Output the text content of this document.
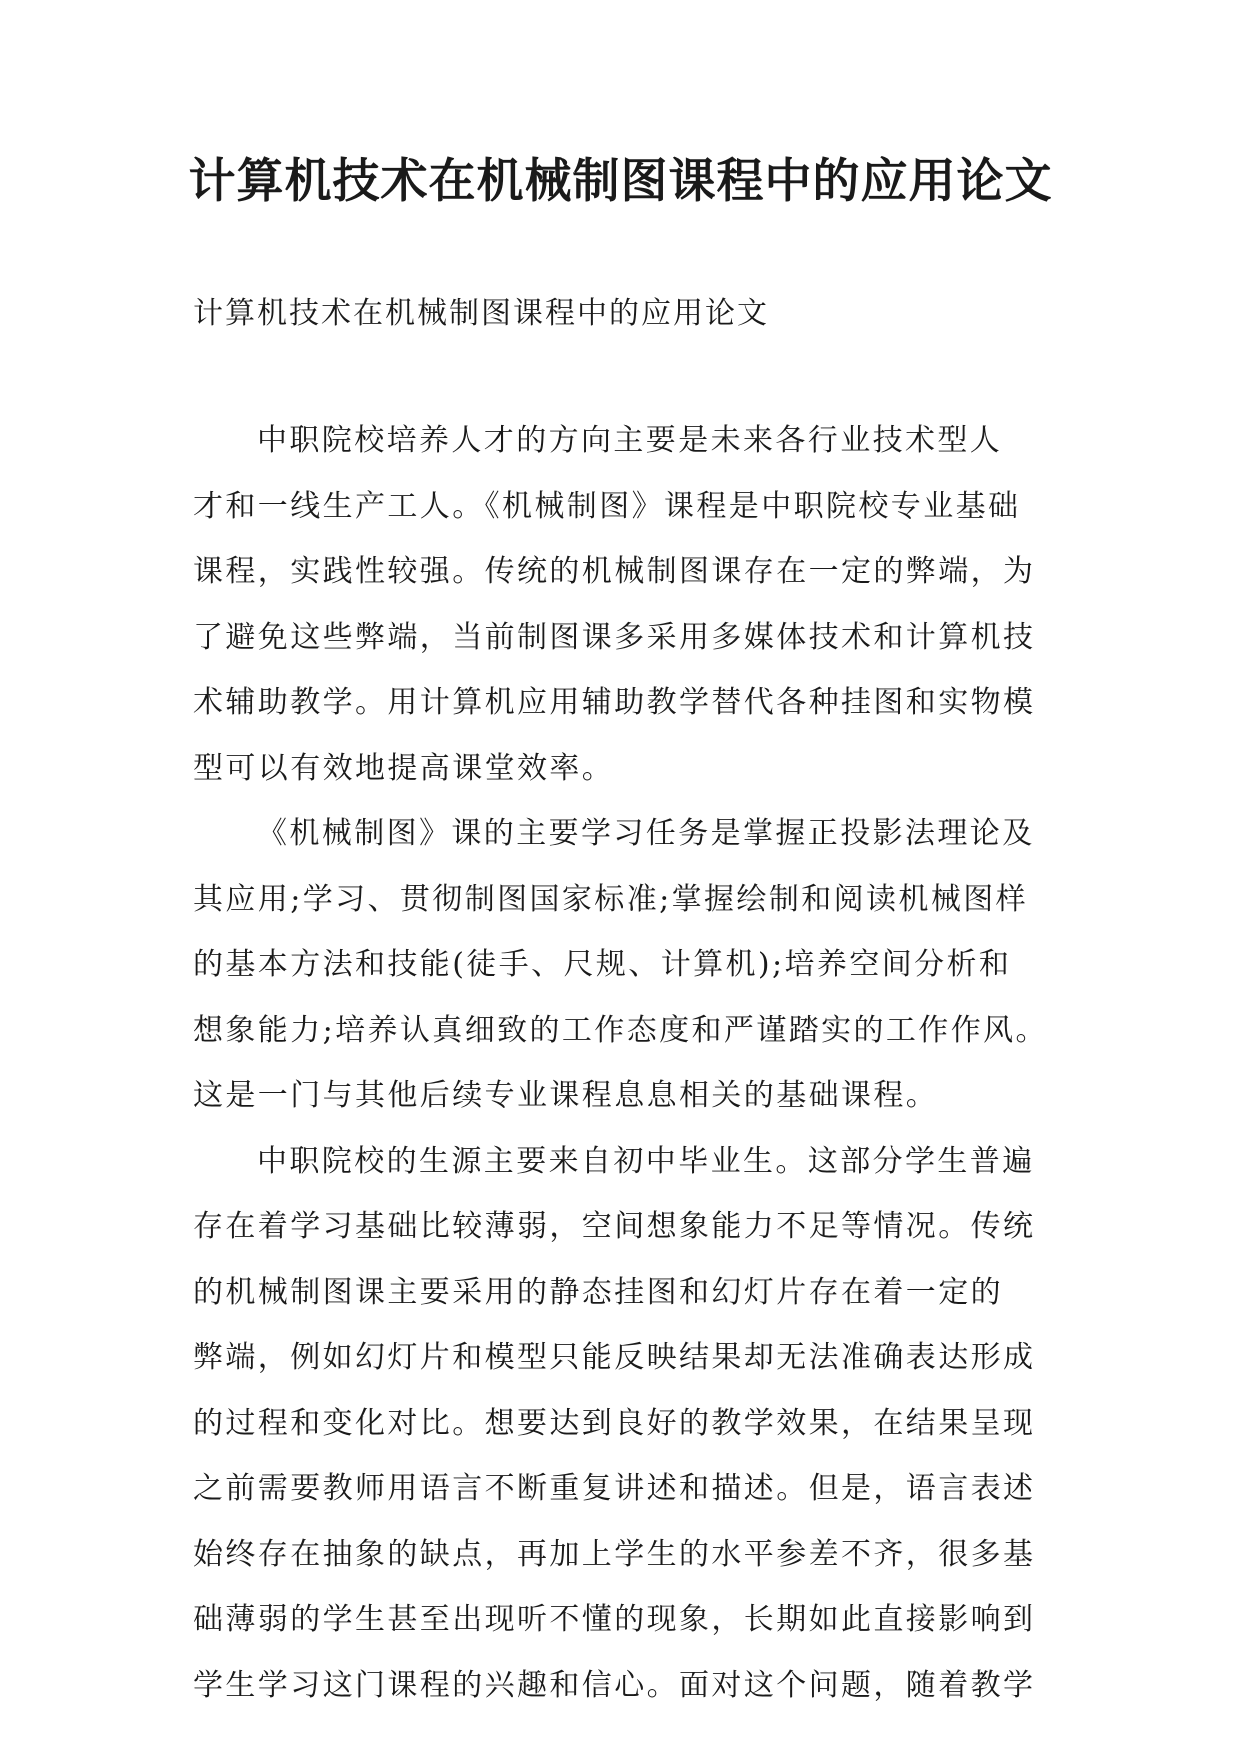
计算机技术在机械制图课程中的应用论文

计算机技术在机械制图课程中的应用论文

中职院校培养人才的方向主要是未来各行业技术型人
才和一线生产工人。《机械制图》课程是中职院校专业基础
课程，实践性较强。传统的机械制图课存在一定的弊端，为
了避免这些弊端，当前制图课多采用多媒体技术和计算机技
术辅助教学。用计算机应用辅助教学替代各种挂图和实物模
型可以有效地提高课堂效率。
《机械制图》课的主要学习任务是掌握正投影法理论及
其应用;学习、贯彻制图国家标准;掌握绘制和阅读机械图样
的基本方法和技能(徒手、尺规、计算机);培养空间分析和
想象能力;培养认真细致的工作态度和严谨踏实的工作作风。
这是一门与其他后续专业课程息息相关的基础课程。
中职院校的生源主要来自初中毕业生。这部分学生普遍
存在着学习基础比较薄弱，空间想象能力不足等情况。传统
的机械制图课主要采用的静态挂图和幻灯片存在着一定的
弊端，例如幻灯片和模型只能反映结果却无法准确表达形成
的过程和变化对比。想要达到良好的教学效果，在结果呈现
之前需要教师用语言不断重复讲述和描述。但是，语言表述
始终存在抽象的缺点，再加上学生的水平参差不齐，很多基
础薄弱的学生甚至出现听不懂的现象，长期如此直接影响到
学生学习这门课程的兴趣和信心。面对这个问题，随着教学
